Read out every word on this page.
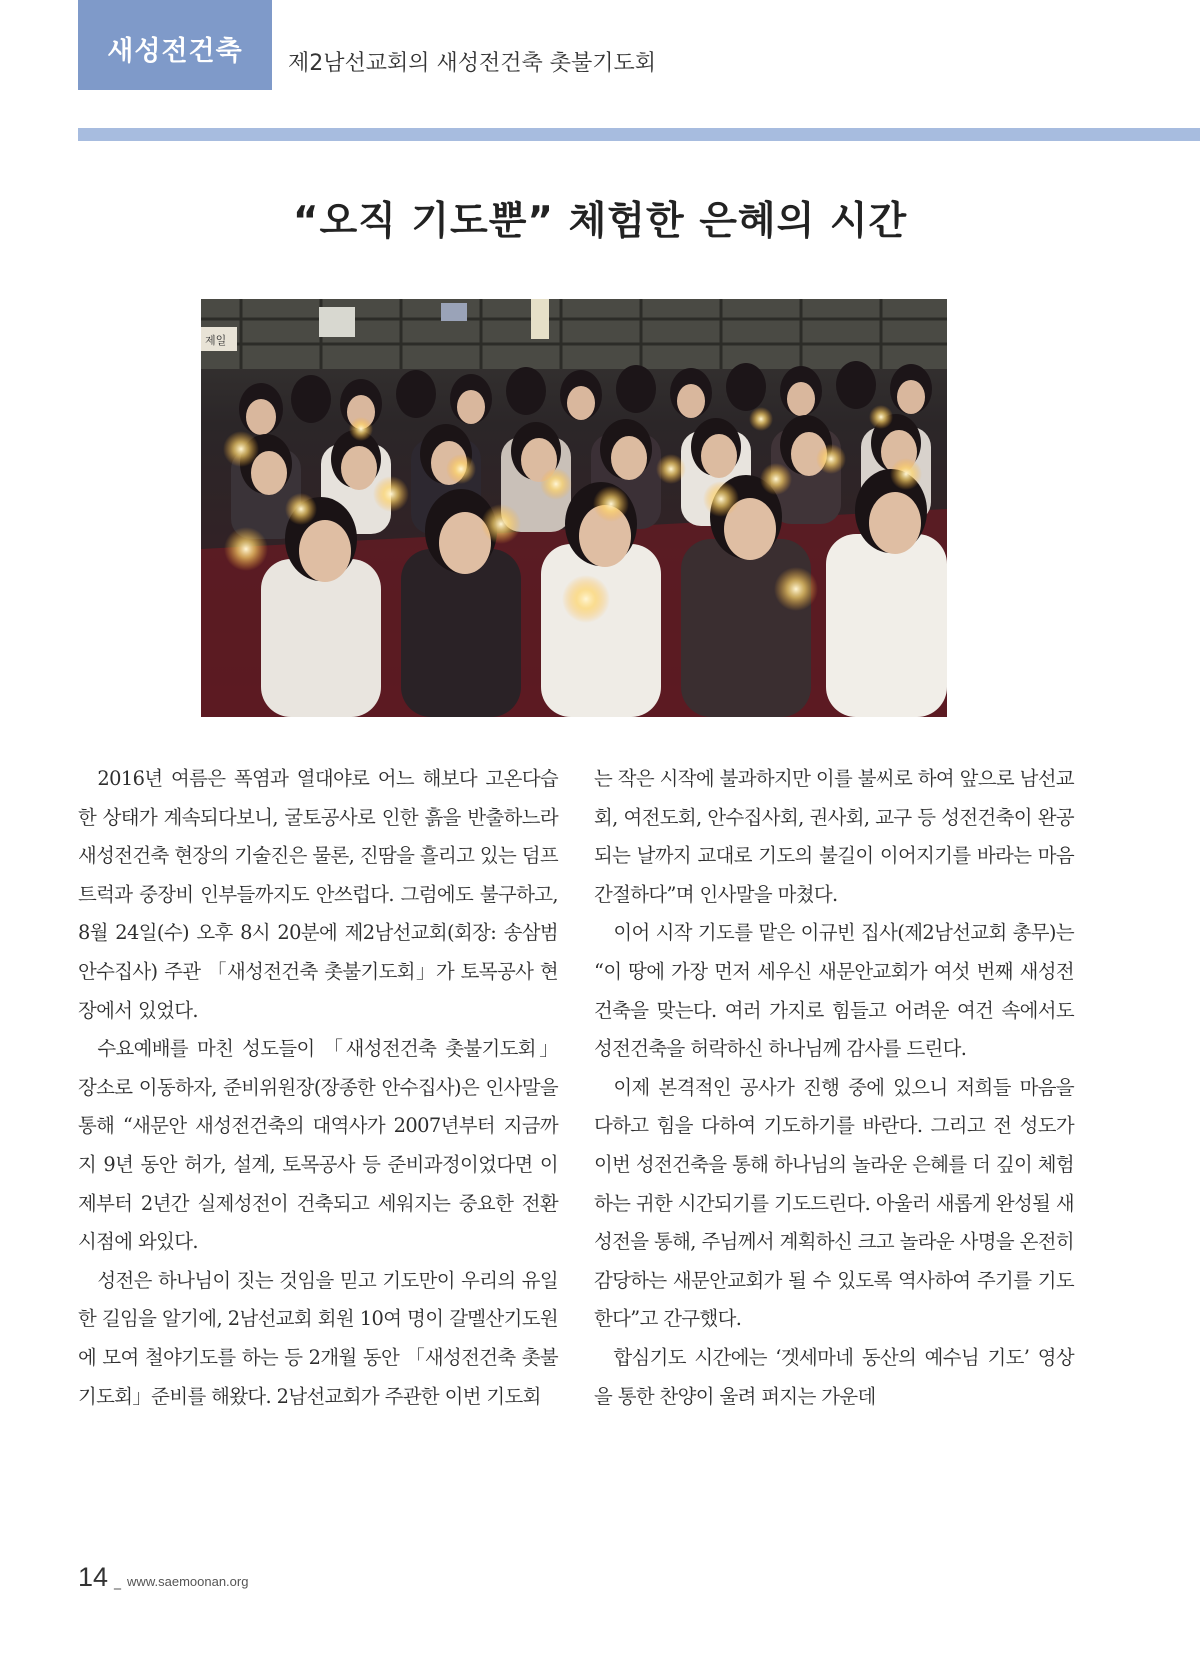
새성전건축 제2남선교회의 새성전건축 촛불기도회
“오직 기도뿐” 체험한 은혜의 시간
제일

2016년 여름은 폭염과 열대야로 어느 해보다 고온다습한 상태가 계속되다보니, 굴토공사로 인한 흙을 반출하느라 새성전건축 현장의 기술진은 물론, 진땀을 흘리고 있는 덤프트럭과 중장비 인부들까지도 안쓰럽다. 그럼에도 불구하고, 8월 24일(수) 오후 8시 20분에 제2남선교회(회장: 송삼범 안수집사) 주관 「새성전건축 촛불기도회」가 토목공사 현장에서 있었다.

수요예배를 마친 성도들이 「새성전건축 촛불기도회」 장소로 이동하자, 준비위원장(장종한 안수집사)은 인사말을 통해 “새문안 새성전건축의 대역사가 2007년부터 지금까지 9년 동안 허가, 설계, 토목공사 등 준비과정이었다면 이제부터 2년간 실제성전이 건축되고 세워지는 중요한 전환시점에 와있다.

성전은 하나님이 짓는 것임을 믿고 기도만이 우리의 유일한 길임을 알기에, 2남선교회 회원 10여 명이 갈멜산기도원에 모여 철야기도를 하는 등 2개월 동안 「새성전건축 촛불기도회」준비를 해왔다. 2남선교회가 주관한 이번 기도회

는 작은 시작에 불과하지만 이를 불씨로 하여 앞으로 남선교회, 여전도회, 안수집사회, 권사회, 교구 등 성전건축이 완공되는 날까지 교대로 기도의 불길이 이어지기를 바라는 마음 간절하다”며 인사말을 마쳤다.

이어 시작 기도를 맡은 이규빈 집사(제2남선교회 총무)는 “이 땅에 가장 먼저 세우신 새문안교회가 여섯 번째 새성전건축을 맞는다. 여러 가지로 힘들고 어려운 여건 속에서도 성전건축을 허락하신 하나님께 감사를 드린다.

이제 본격적인 공사가 진행 중에 있으니 저희들 마음을 다하고 힘을 다하여 기도하기를 바란다. 그리고 전 성도가 이번 성전건축을 통해 하나님의 놀라운 은혜를 더 깊이 체험하는 귀한 시간되기를 기도드린다. 아울러 새롭게 완성될 새성전을 통해, 주님께서 계획하신 크고 놀라운 사명을 온전히 감당하는 새문안교회가 될 수 있도록 역사하여 주기를 기도한다”고 간구했다.

합심기도 시간에는 ‘겟세마네 동산의 예수님 기도’ 영상을 통한 찬양이 울려 퍼지는 가운데

14 _ www.saemoonan.org
